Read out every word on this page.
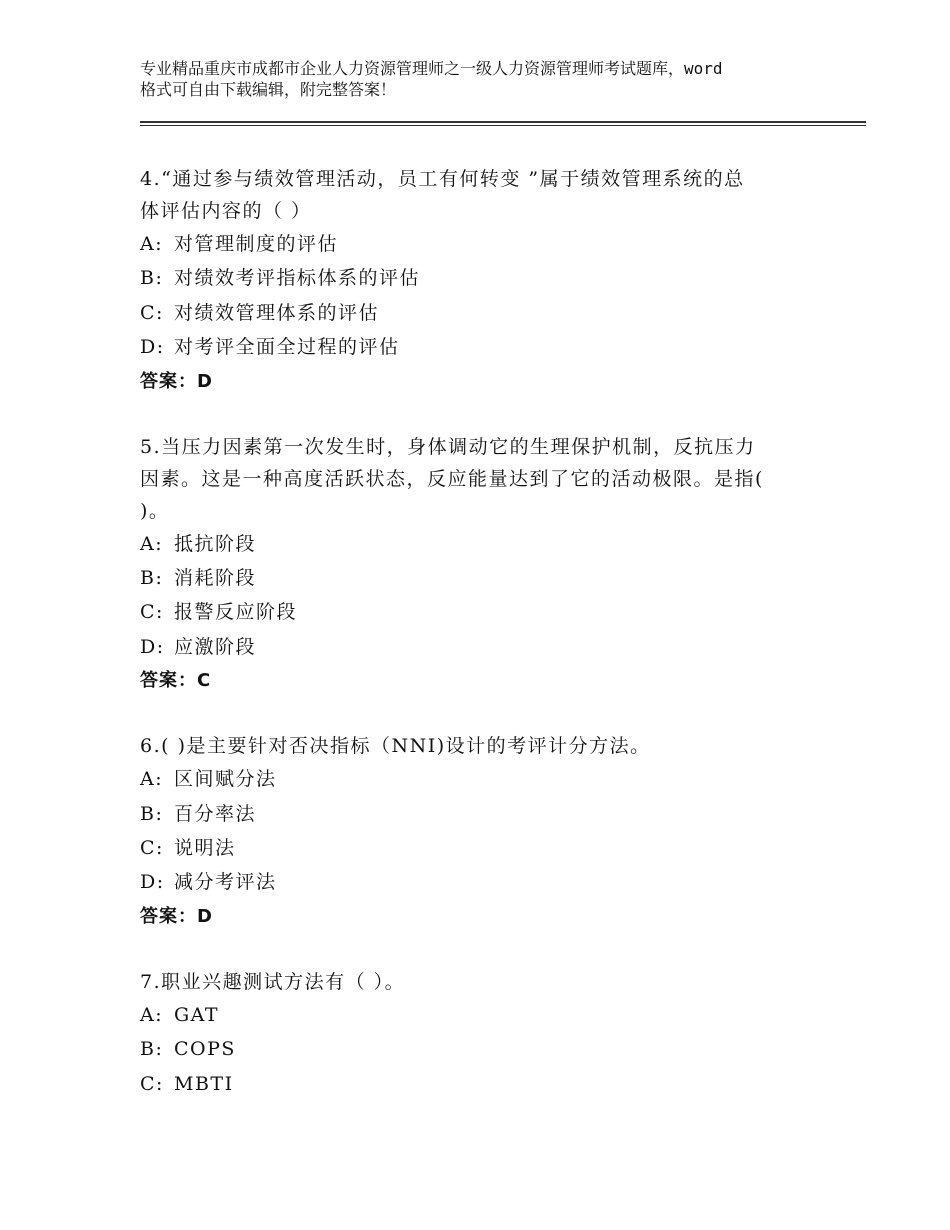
专业精品重庆市成都市企业人力资源管理师之一级人力资源管理师考试题库，word
格式可自由下载编辑，附完整答案！
4.“通过参与绩效管理活动，员工有何转变 ”属于绩效管理系统的总
体评估内容的（ ）
A: 对管理制度的评估
B: 对绩效考评指标体系的评估
C: 对绩效管理体系的评估
D: 对考评全面全过程的评估
答案：D
5.当压力因素第一次发生时，身体调动它的生理保护机制，反抗压力
因素。这是一种高度活跃状态，反应能量达到了它的活动极限。是指(
)。
A: 抵抗阶段
B: 消耗阶段
C: 报警反应阶段
D: 应激阶段
答案：C
6.( )是主要针对否决指标（NNI)设计的考评计分方法。
A: 区间赋分法
B: 百分率法
C: 说明法
D: 减分考评法
答案：D
7.职业兴趣测试方法有（ ）。
A: GAT
B: COPS
C: MBTI
